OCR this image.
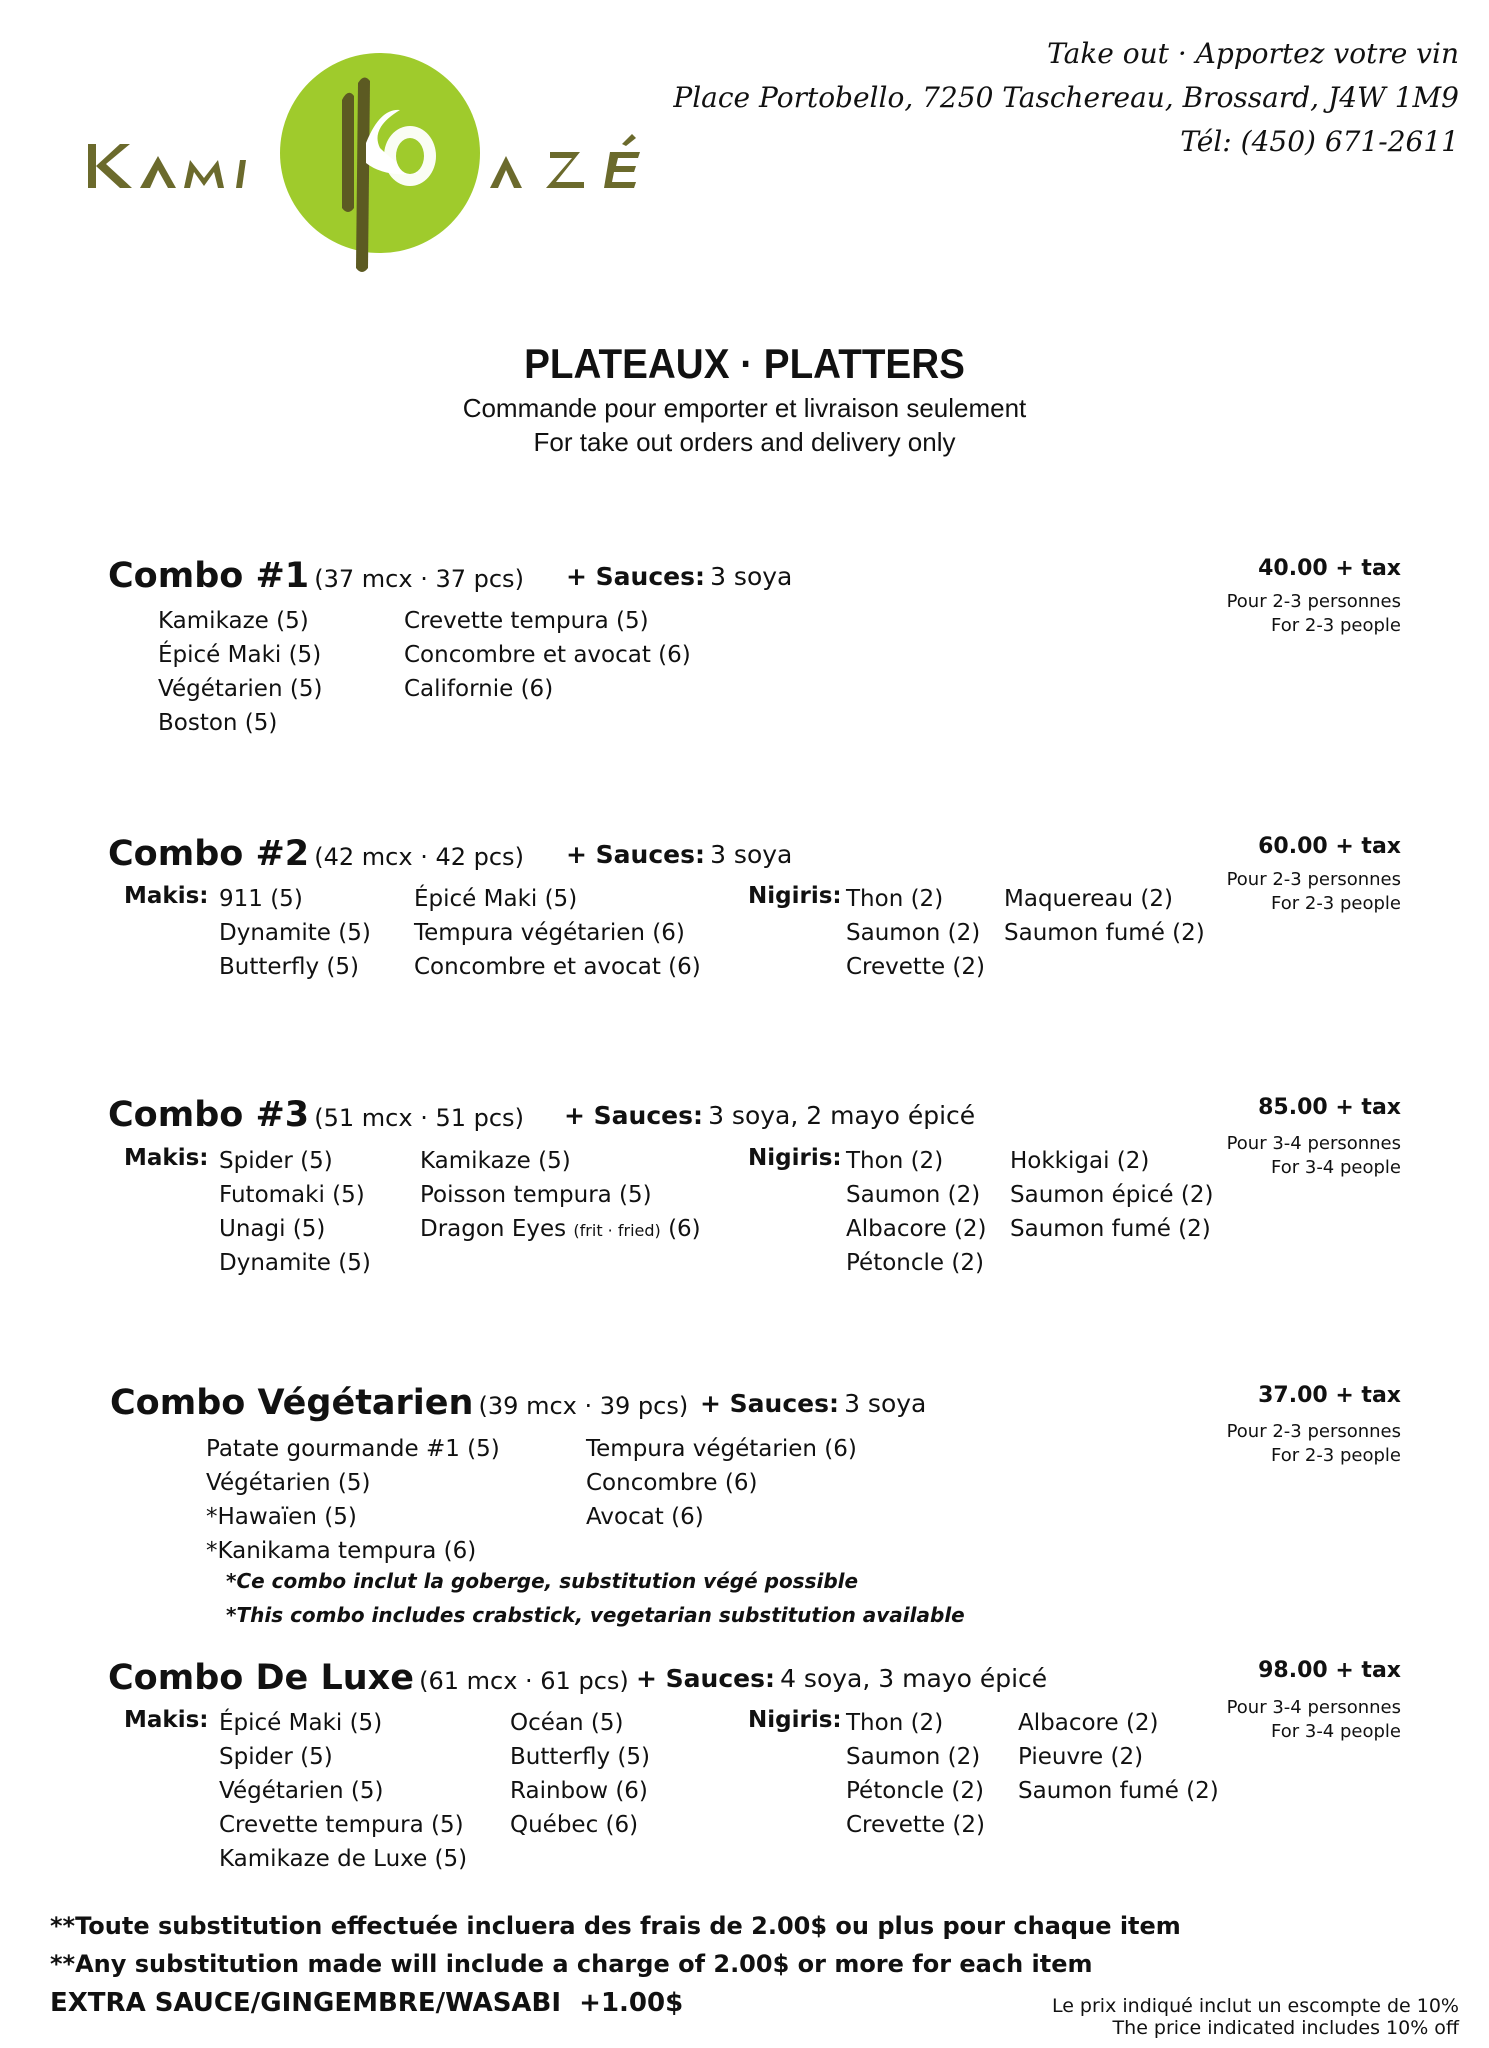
Take out · Apportez votre vin
Place Portobello, 7250 Taschereau, Brossard, J4W 1M9
Tél: (450) 671-2611
PLATEAUX · PLATTERS
Commande pour emporter et livraison seulement
For take out orders and delivery only
Combo #1 (37 mcx · 37 pcs) + Sauces: 3 soya	40.00 + tax
Pour 2-3 personnes
For 2-3 people
Kamikaze (5)
Épicé Maki (5)
Végétarien (5)
Boston (5)
Crevette tempura (5)
Concombre et avocat (6)
Californie (6)
Combo #2 (42 mcx · 42 pcs) + Sauces: 3 soya	60.00 + tax
Pour 2-3 personnes
For 2-3 people
Makis: 911 (5)
Dynamite (5)
Butterfly (5)
Épicé Maki (5)
Tempura végétarien (6)
Concombre et avocat (6)
Nigiris: Thon (2)
Saumon (2)
Crevette (2)
Maquereau (2)
Saumon fumé (2)
Combo #3 (51 mcx · 51 pcs) + Sauces: 3 soya, 2 mayo épicé	85.00 + tax
Pour 3-4 personnes
For 3-4 people
Makis: Spider (5)
Futomaki (5)
Unagi (5)
Dynamite (5)
Kamikaze (5)
Poisson tempura (5)
Dragon Eyes (frit · fried) (6)
Nigiris: Thon (2)
Saumon (2)
Albacore (2)
Pétoncle (2)
Hokkigai (2)
Saumon épicé (2)
Saumon fumé (2)
Combo Végétarien (39 mcx · 39 pcs) + Sauces: 3 soya	37.00 + tax
Pour 2-3 personnes
For 2-3 people
Patate gourmande #1 (5)
Végétarien (5)
*Hawaïen (5)
*Kanikama tempura (6)
Tempura végétarien (6)
Concombre (6)
Avocat (6)
*Ce combo inclut la goberge, substitution végé possible
*This combo includes crabstick, vegetarian substitution available
Combo De Luxe (61 mcx · 61 pcs) + Sauces: 4 soya, 3 mayo épicé	98.00 + tax
Pour 3-4 personnes
For 3-4 people
Makis: Épicé Maki (5)
Spider (5)
Végétarien (5)
Crevette tempura (5)
Kamikaze de Luxe (5)
Océan (5)
Butterfly (5)
Rainbow (6)
Québec (6)
Nigiris: Thon (2)
Saumon (2)
Pétoncle (2)
Crevette (2)
Albacore (2)
Pieuvre (2)
Saumon fumé (2)
**Toute substitution effectuée incluera des frais de 2.00$ ou plus pour chaque item
**Any substitution made will include a charge of 2.00$ or more for each item
EXTRA SAUCE/GINGEMBRE/WASABI  +1.00$	Le prix indiqué inclut un escompte de 10%
The price indicated includes 10% off
